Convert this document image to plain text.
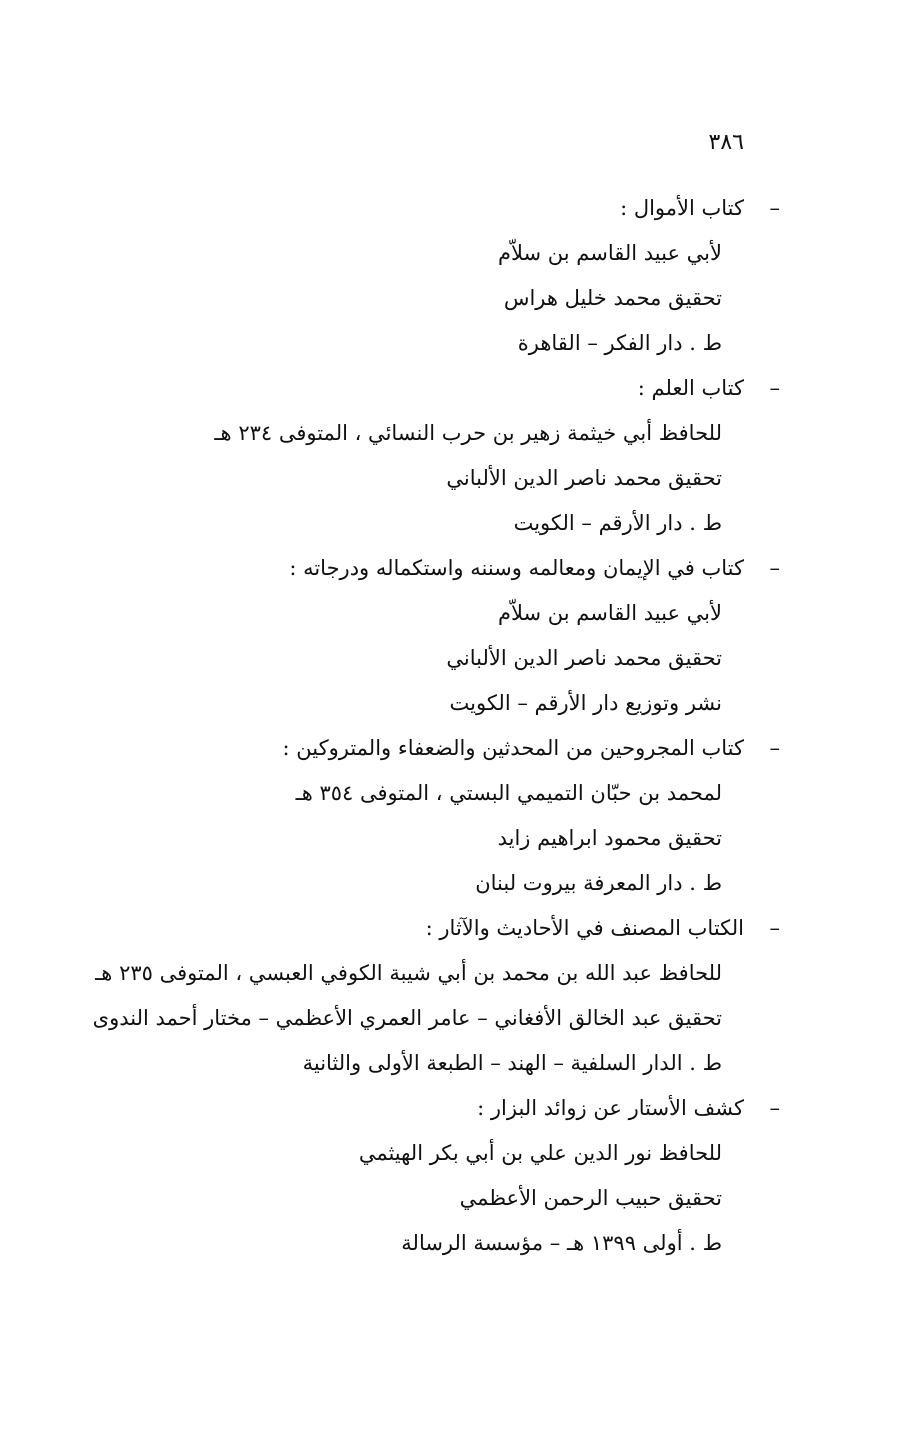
٣٨٦
–كتاب الأموال :
لأبي عبيد القاسم بن سلاّم
تحقيق محمد خليل هراس
ط . دار الفكر – القاهرة
–كتاب العلم :
للحافظ أبي خيثمة زهير بن حرب النسائي ، المتوفى ٢٣٤ هـ
تحقيق محمد ناصر الدين الألباني
ط . دار الأرقم – الكويت
–كتاب في الإيمان ومعالمه وسننه واستكماله ودرجاته :
لأبي عبيد القاسم بن سلاّم
تحقيق محمد ناصر الدين الألباني
نشر وتوزيع دار الأرقم – الكويت
–كتاب المجروحين من المحدثين والضعفاء والمتروكين :
لمحمد بن حبّان التميمي البستي ، المتوفى ٣٥٤ هـ
تحقيق محمود ابراهيم زايد
ط . دار المعرفة بيروت لبنان
–الكتاب المصنف في الأحاديث والآثار :
للحافظ عبد الله بن محمد بن أبي شيبة الكوفي العبسي ، المتوفى ٢٣٥ هـ
تحقيق عبد الخالق الأفغاني – عامر العمري الأعظمي – مختار أحمد الندوى
ط . الدار السلفية – الهند – الطبعة الأولى والثانية
–كشف الأستار عن زوائد البزار :
للحافظ نور الدين علي بن أبي بكر الهيثمي
تحقيق حبيب الرحمن الأعظمي
ط . أولى ١٣٩٩ هـ – مؤسسة الرسالة
